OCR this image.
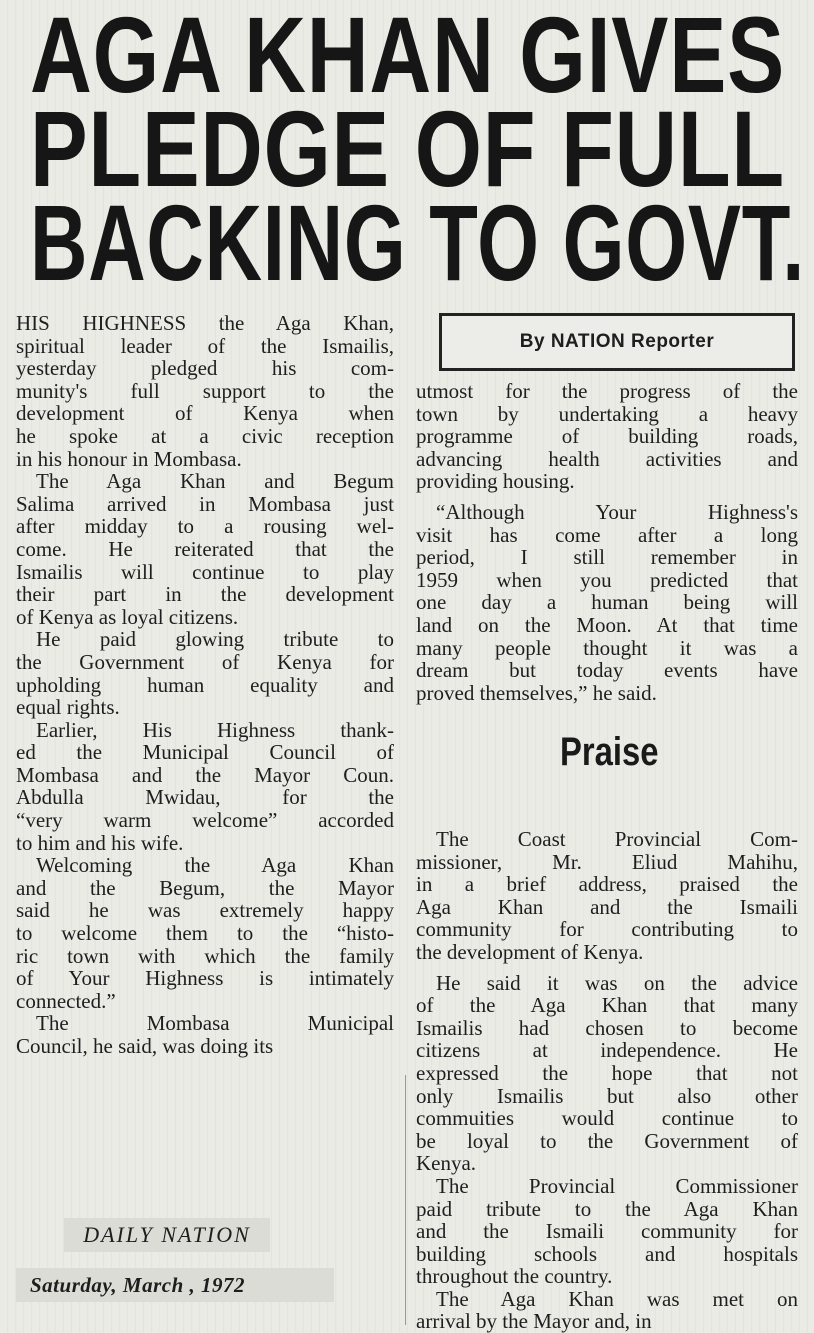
AGA KHAN GIVES
PLEDGE OF FULL
BACKING TO GOVT.
HIS HIGHNESS the Aga Khan,
spiritual leader of the Ismailis,
yesterday pledged his com-
munity's full support to the
development of Kenya when
he spoke at a civic reception
in his honour in Mombasa.
The Aga Khan and Begum
Salima arrived in Mombasa just
after midday to a rousing wel-
come. He reiterated that the
Ismailis will continue to play
their part in the development
of Kenya as loyal citizens.
He paid glowing tribute to
the Government of Kenya for
upholding human equality and
equal rights.
Earlier, His Highness thank-
ed the Municipal Council of
Mombasa and the Mayor Coun.
Abdulla Mwidau, for the
“very warm welcome” accorded
to him and his wife.
Welcoming the Aga Khan
and the Begum, the Mayor
said he was extremely happy
to welcome them to the “histo-
ric town with which the family
of Your Highness is intimately
connected.”
The Mombasa Municipal
Council, he said, was doing its
By NATION Reporter
utmost for the progress of the
town by undertaking a heavy
programme of building roads,
advancing health activities and
providing housing.
“Although Your Highness's
visit has come after a long
period, I still remember in
1959 when you predicted that
one day a human being will
land on the Moon. At that time
many people thought it was a
dream but today events have
proved themselves,” he said.
Praise
The Coast Provincial Com-
missioner, Mr. Eliud Mahihu,
in a brief address, praised the
Aga Khan and the Ismaili
community for contributing to
the development of Kenya.
He said it was on the advice
of the Aga Khan that many
Ismailis had chosen to become
citizens at independence. He
expressed the hope that not
only Ismailis but also other
commuities would continue to
be loyal to the Government of
Kenya.
The Provincial Commissioner
paid tribute to the Aga Khan
and the Ismaili community for
building schools and hospitals
throughout the country.
The Aga Khan was met on
arrival by the Mayor and, in
DAILY NATION
Saturday, March , 1972
